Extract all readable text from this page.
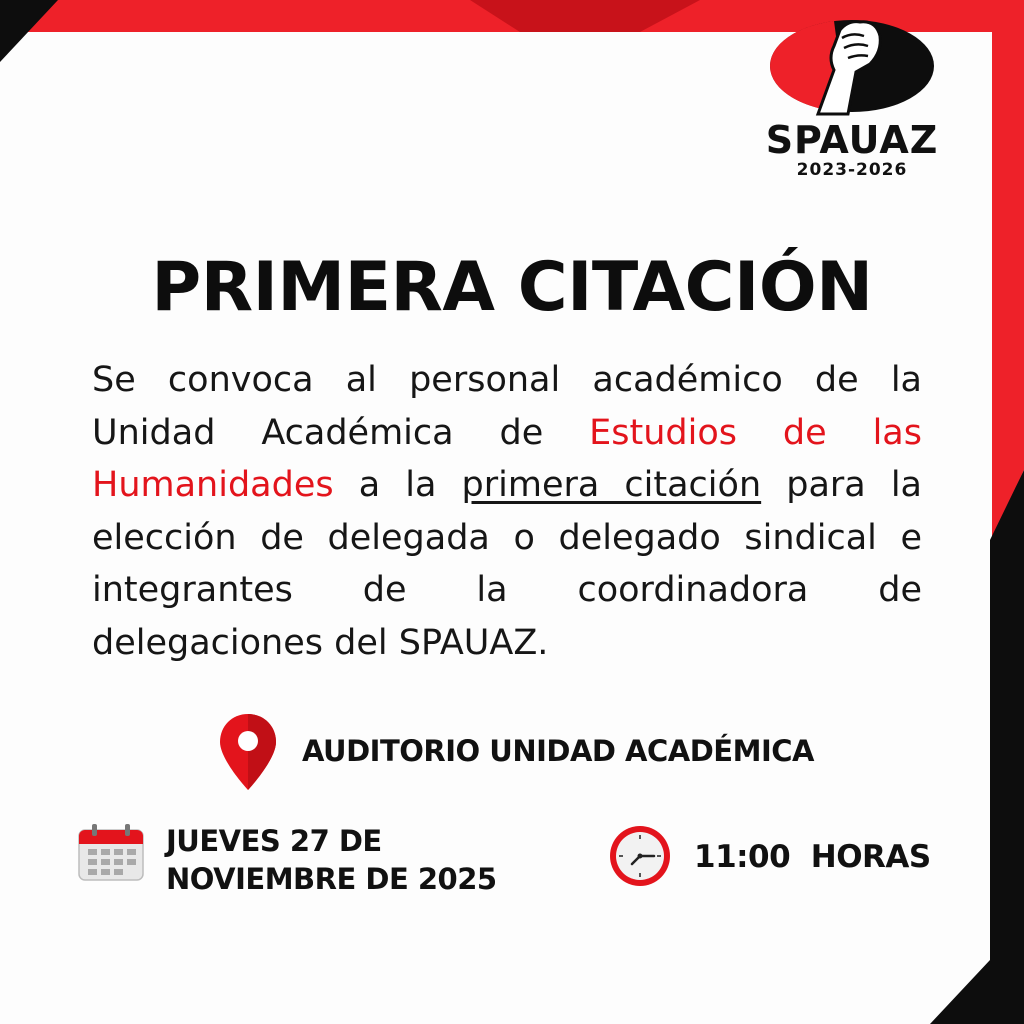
SPAUAZ
2023-2026
PRIMERA CITACIÓN
Se convoca al personal académico de la Unidad Académica de Estudios de las Humanidades a la primera citación para la elección de delegada o delegado sindical e integrantes de la coordinadora de delegaciones del SPAUAZ.
AUDITORIO UNIDAD ACADÉMICA
JUEVES 27 DE
NOVIEMBRE DE 2025
11:00  HORAS
